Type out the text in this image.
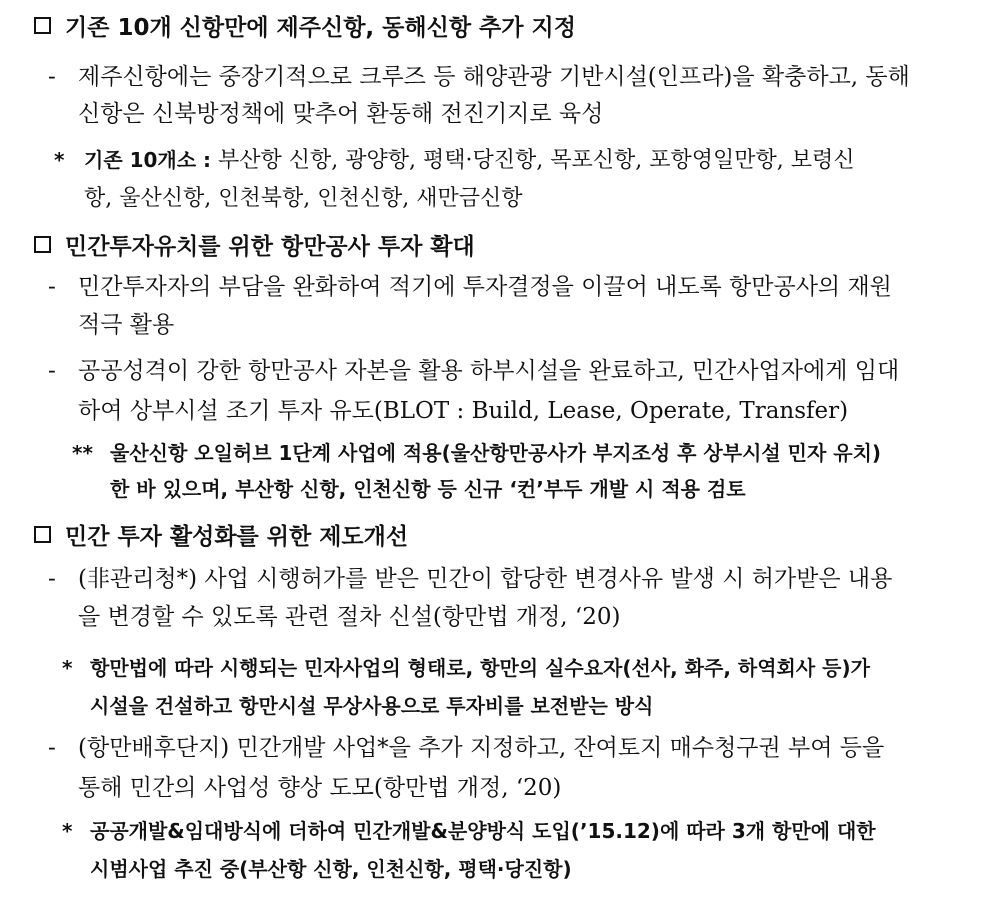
기존 10개 신항만에 제주신항, 동해신항 추가 지정
- 제주신항에는 중장기적으로 크루즈 등 해양관광 기반시설(인프라)을 확충하고, 동해
신항은 신북방정책에 맞추어 환동해 전진기지로 육성
* 기존 10개소 : 부산항 신항, 광양항, 평택·당진항, 목포신항, 포항영일만항, 보령신
항, 울산신항, 인천북항, 인천신항, 새만금신항
민간투자유치를 위한 항만공사 투자 확대
- 민간투자자의 부담을 완화하여 적기에 투자결정을 이끌어 내도록 항만공사의 재원
적극 활용
- 공공성격이 강한 항만공사 자본을 활용 하부시설을 완료하고, 민간사업자에게 임대
하여 상부시설 조기 투자 유도(BLOT : Build, Lease, Operate, Transfer)
** 울산신항 오일허브 1단계 사업에 적용(울산항만공사가 부지조성 후 상부시설 민자 유치)
한 바 있으며, 부산항 신항, 인천신항 등 신규 ‘컨’부두 개발 시 적용 검토
민간 투자 활성화를 위한 제도개선
- (非관리청*) 사업 시행허가를 받은 민간이 합당한 변경사유 발생 시 허가받은 내용
을 변경할 수 있도록 관련 절차 신설(항만법 개정, ‘20)
* 항만법에 따라 시행되는 민자사업의 형태로, 항만의 실수요자(선사, 화주, 하역회사 등)가
시설을 건설하고 항만시설 무상사용으로 투자비를 보전받는 방식
- (항만배후단지) 민간개발 사업*을 추가 지정하고, 잔여토지 매수청구권 부여 등을
통해 민간의 사업성 향상 도모(항만법 개정, ‘20)
* 공공개발&임대방식에 더하여 민간개발&분양방식 도입(’15.12)에 따라 3개 항만에 대한
시범사업 추진 중(부산항 신항, 인천신항, 평택·당진항)
